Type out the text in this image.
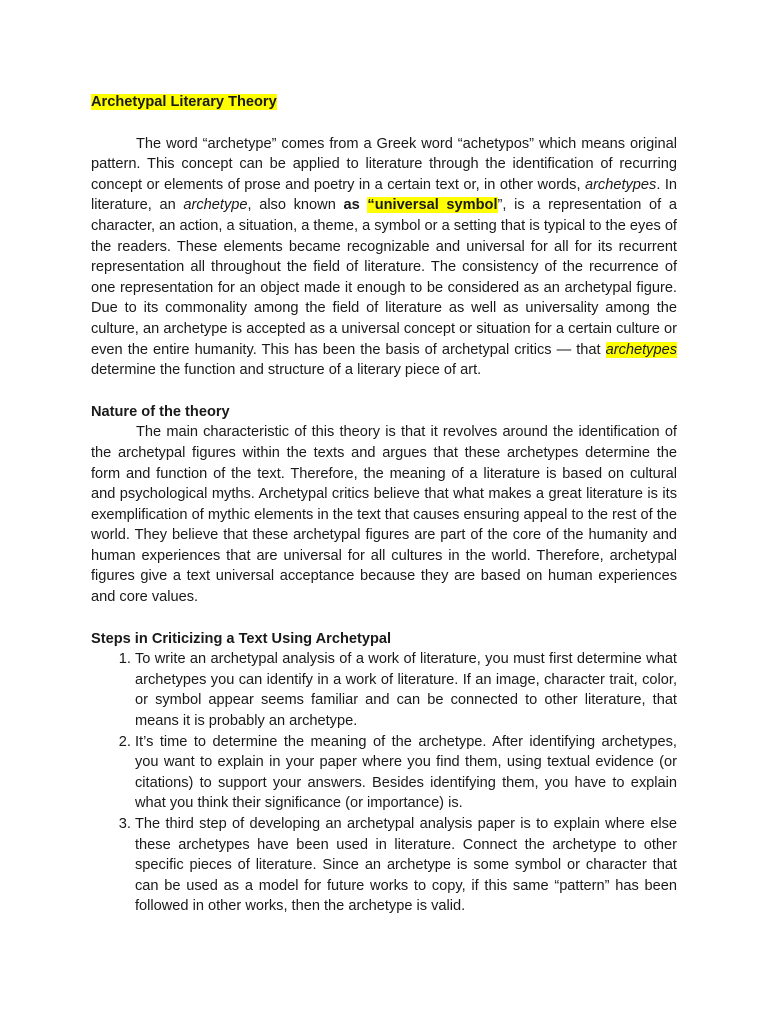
Archetypal Literary Theory

The word “archetype” comes from a Greek word “achetypos” which means original pattern. This concept can be applied to literature through the identification of recurring concept or elements of prose and poetry in a certain text or, in other words, archetypes. In literature, an archetype, also known as “universal symbol”, is a representation of a character, an action, a situation, a theme, a symbol or a setting that is typical to the eyes of the readers. These elements became recognizable and universal for all for its recurrent representation all throughout the field of literature. The consistency of the recurrence of one representation for an object made it enough to be considered as an archetypal figure. Due to its commonality among the field of literature as well as universality among the culture, an archetype is accepted as a universal concept or situation for a certain culture or even the entire humanity. This has been the basis of archetypal critics — that archetypes determine the function and structure of a literary piece of art.

Nature of the theory

The main characteristic of this theory is that it revolves around the identification of the archetypal figures within the texts and argues that these archetypes determine the form and function of the text. Therefore, the meaning of a literature is based on cultural and psychological myths. Archetypal critics believe that what makes a great literature is its exemplification of mythic elements in the text that causes ensuring appeal to the rest of the world. They believe that these archetypal figures are part of the core of the humanity and human experiences that are universal for all cultures in the world. Therefore, archetypal figures give a text universal acceptance because they are based on human experiences and core values.

Steps in Criticizing a Text Using Archetypal

1. To write an archetypal analysis of a work of literature, you must first determine what archetypes you can identify in a work of literature. If an image, character trait, color, or symbol appear seems familiar and can be connected to other literature, that means it is probably an archetype.
2. It’s time to determine the meaning of the archetype. After identifying archetypes, you want to explain in your paper where you find them, using textual evidence (or citations) to support your answers. Besides identifying them, you have to explain what you think their significance (or importance) is.
3. The third step of developing an archetypal analysis paper is to explain where else these archetypes have been used in literature. Connect the archetype to other specific pieces of literature. Since an archetype is some symbol or character that can be used as a model for future works to copy, if this same “pattern” has been followed in other works, then the archetype is valid.
